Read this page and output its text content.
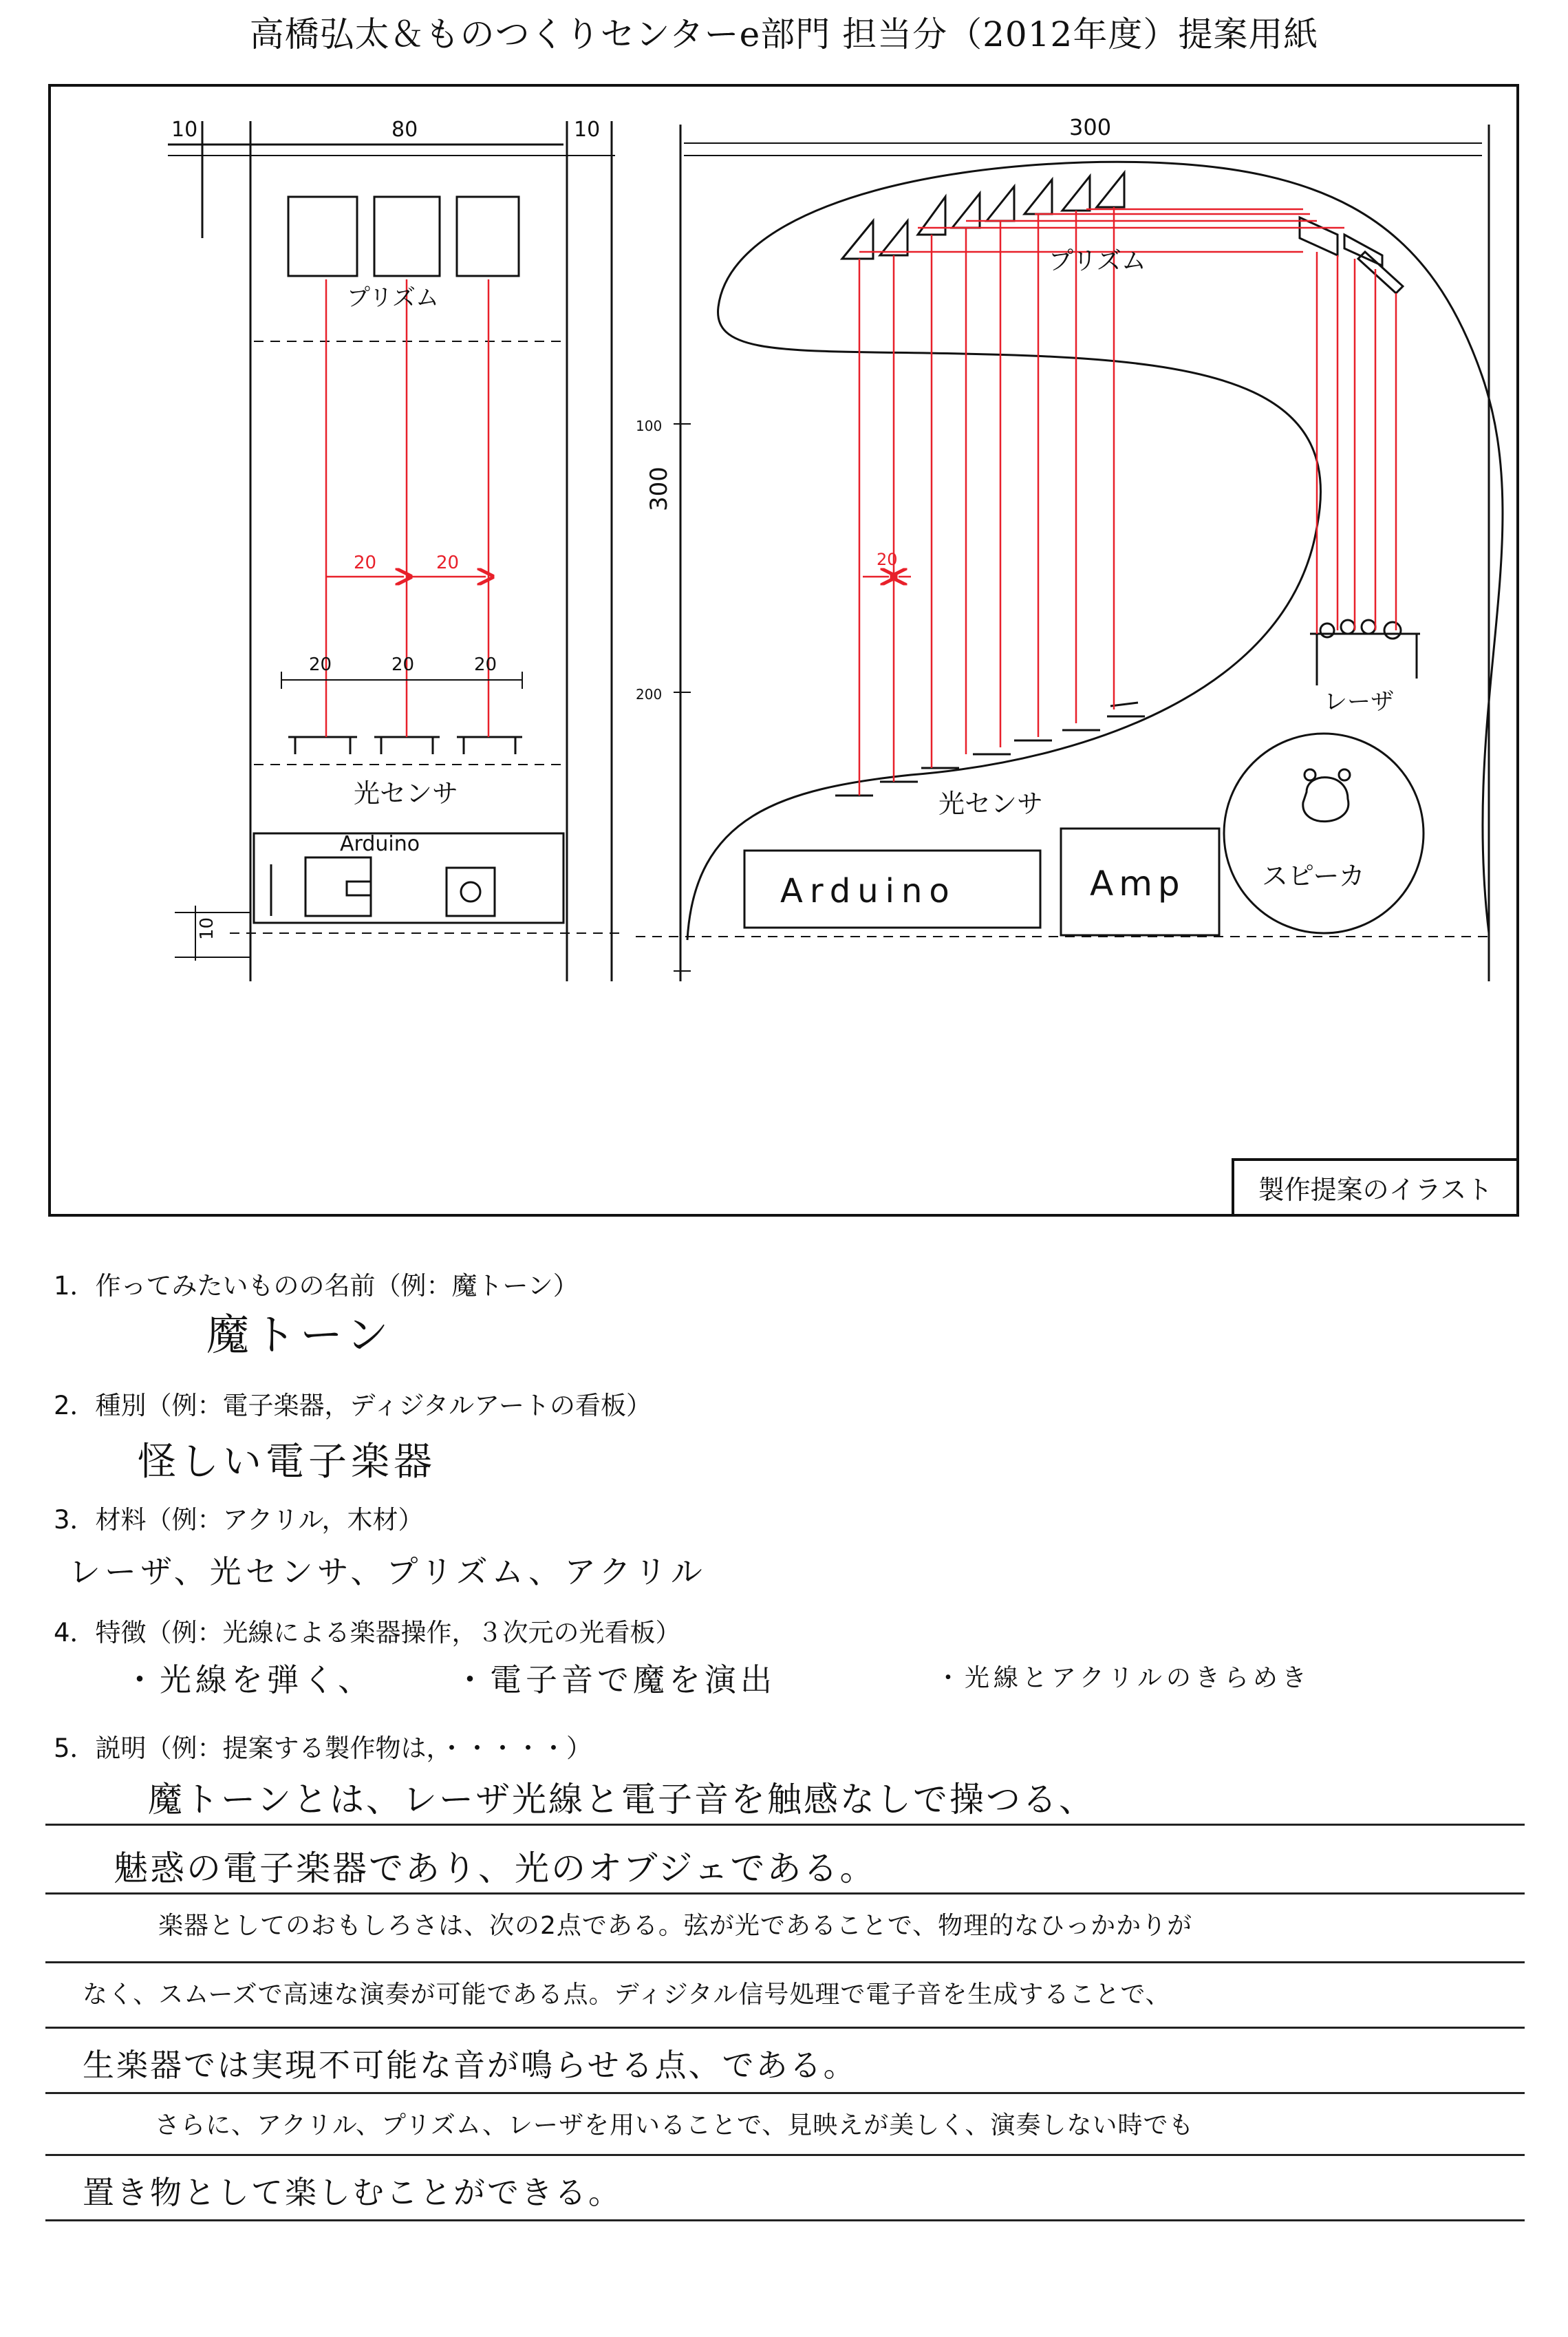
高橋弘太＆ものつくりセンターe部門 担当分（2012年度）提案用紙
10	80	10
プリズム
20	20
20	20	20
光センサ
Arduino
10
300
300
100
200
プリズム
20
レーザ
光センサ
スピーカ
Arduino	Amp
製作提案のイラスト
1．作ってみたいものの名前（例：魔トーン）
魔トーン
2．種別（例：電子楽器，ディジタルアートの看板）
怪しい電子楽器
3．材料（例：アクリル，木材）
レーザ、光センサ、プリズム、アクリル
4．特徴（例：光線による楽器操作，３次元の光看板）
・光線を弾く、	・電子音で魔を演出	・光線とアクリルのきらめき
5．説明（例：提案する製作物は，・・・・・）
魔トーンとは、レーザ光線と電子音を触感なしで操つる、
魅惑の電子楽器であり、光のオブジェである。
楽器としてのおもしろさは、次の2点である。弦が光であることで、物理的なひっかかりが
なく、スムーズで高速な演奏が可能である点。ディジタル信号処理で電子音を生成することで、
生楽器では実現不可能な音が鳴らせる点、である。
さらに、アクリル、プリズム、レーザを用いることで、見映えが美しく、演奏しない時でも
置き物として楽しむことができる。
